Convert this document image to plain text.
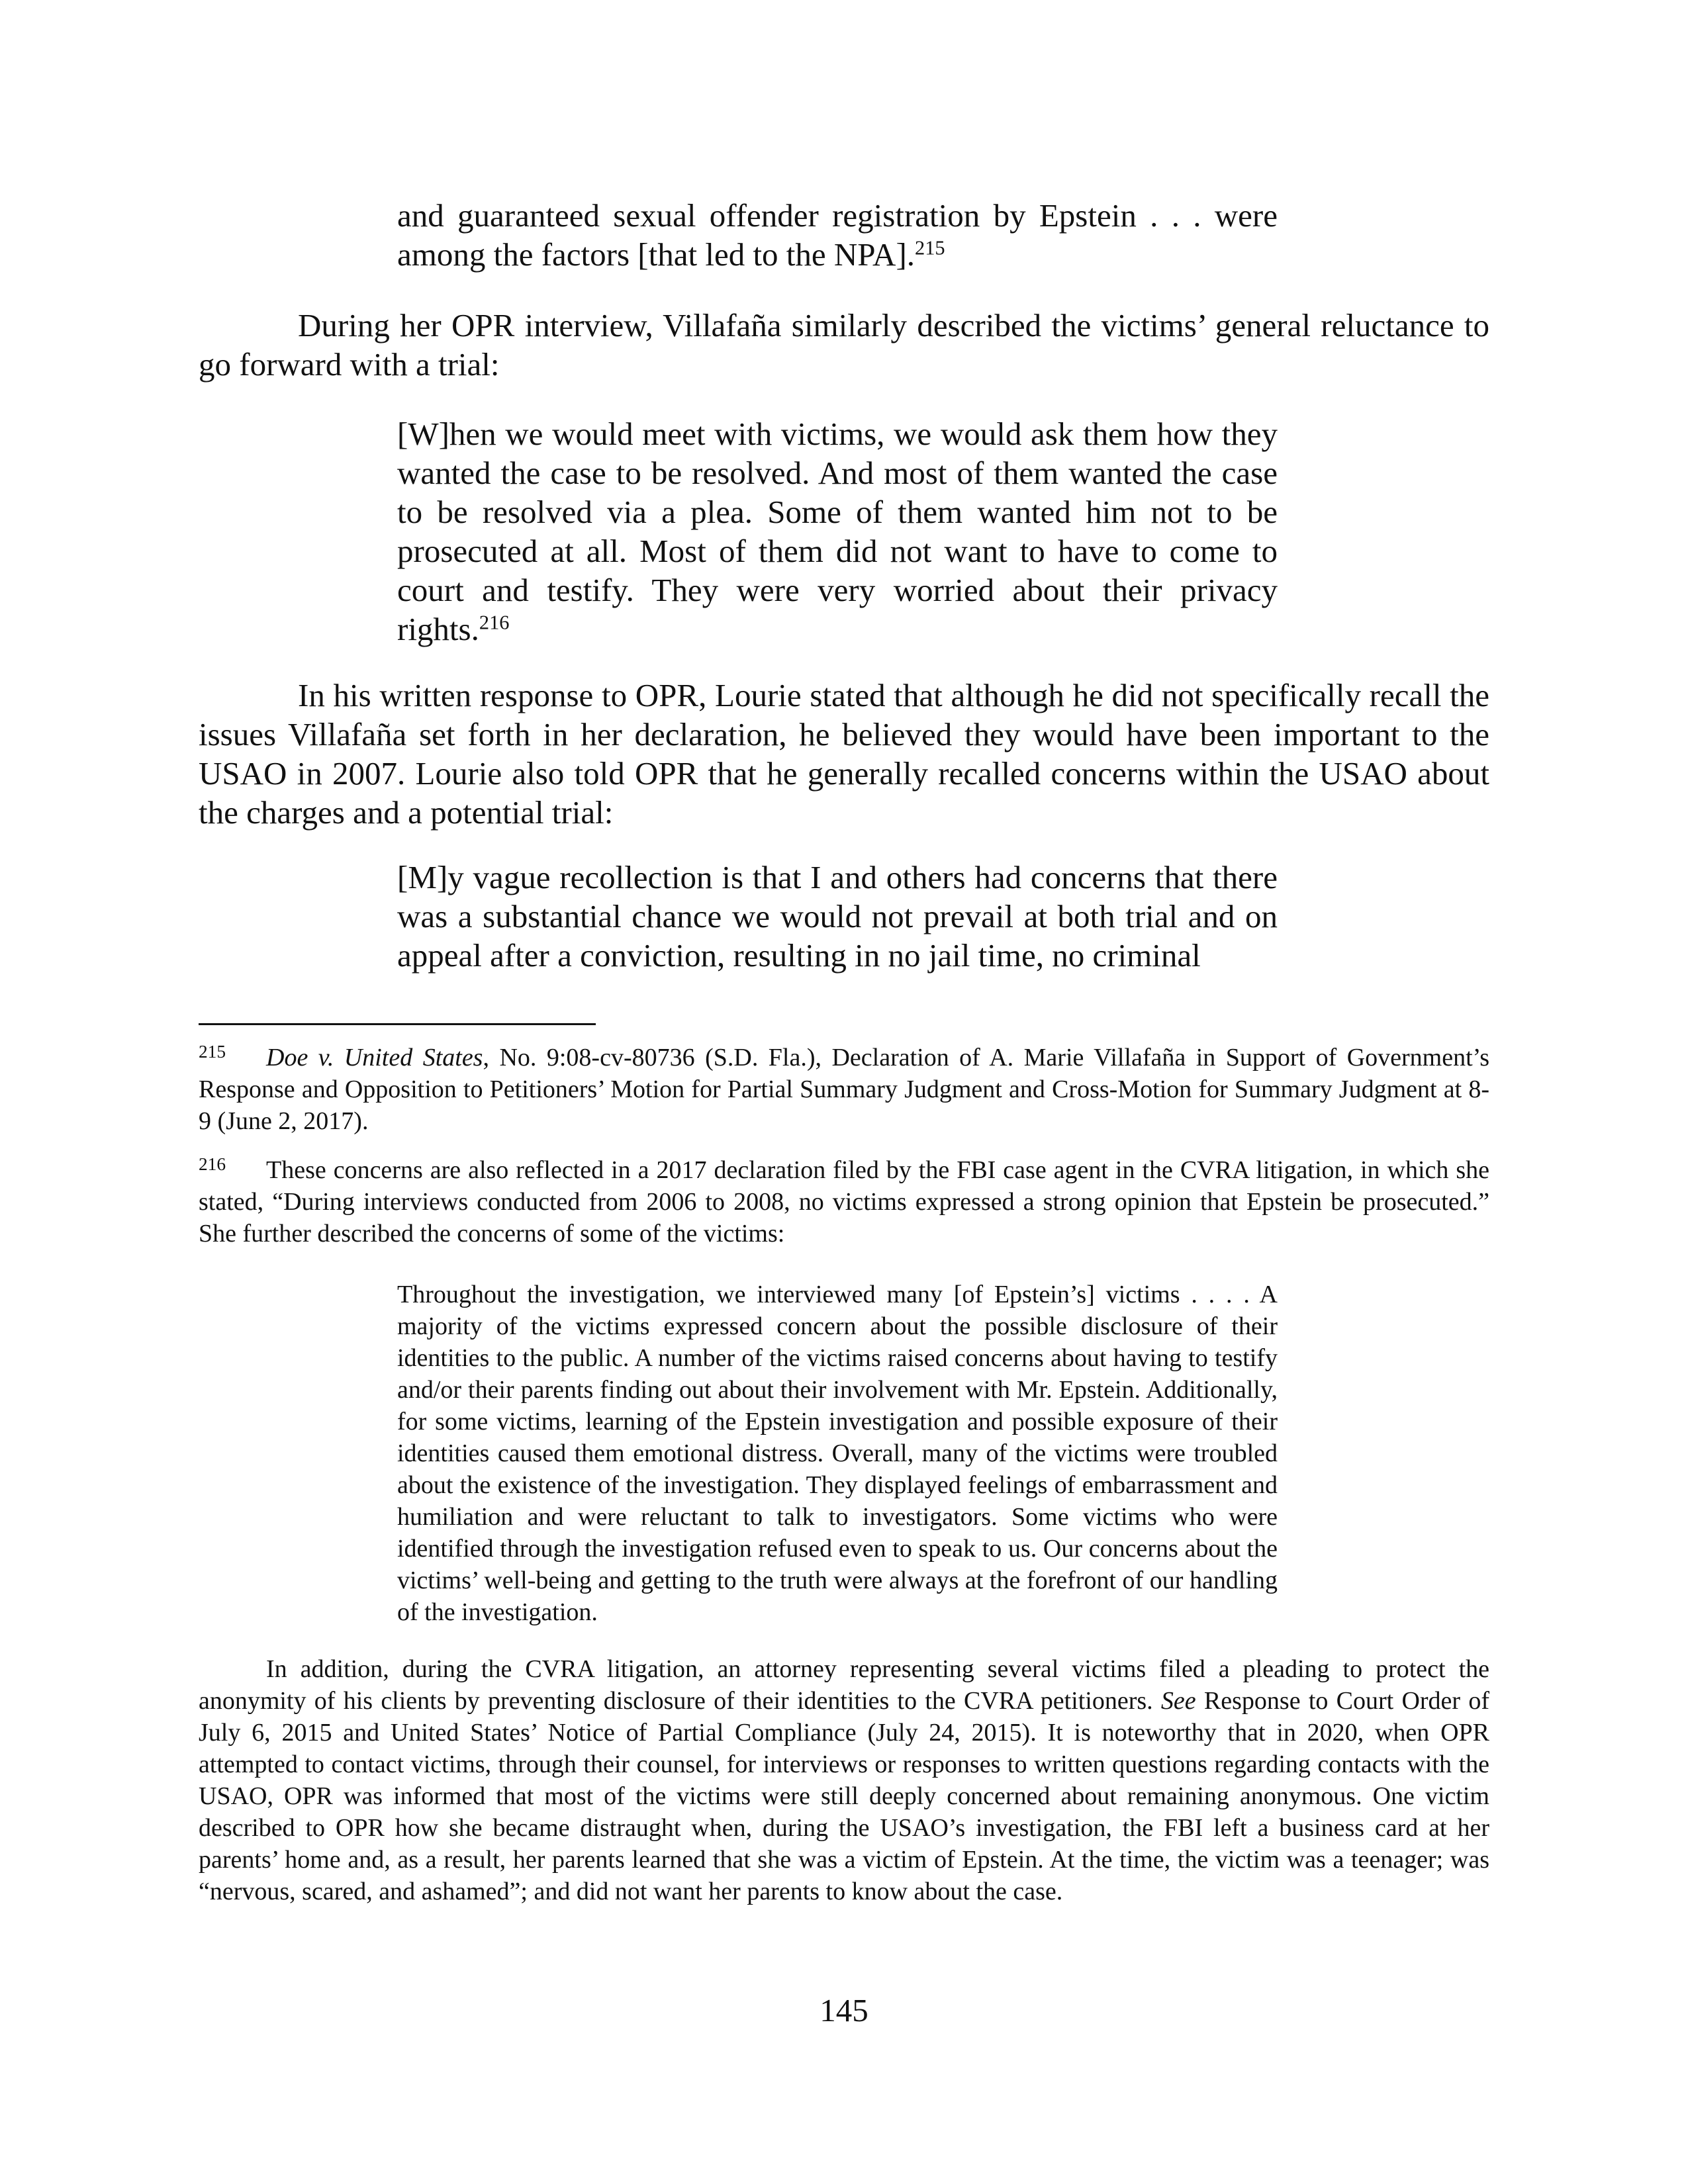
and guaranteed sexual offender registration by Epstein . . . were among the factors [that led to the NPA].$^{215}$

During her OPR interview, Villafaña similarly described the victims’ general reluctance to go forward with a trial:

[W]hen we would meet with victims, we would ask them how they wanted the case to be resolved. And most of them wanted the case to be resolved via a plea. Some of them wanted him not to be prosecuted at all. Most of them did not want to have to come to court and testify. They were very worried about their privacy rights.$^{216}$

In his written response to OPR, Lourie stated that although he did not specifically recall the issues Villafaña set forth in her declaration, he believed they would have been important to the USAO in 2007. Lourie also told OPR that he generally recalled concerns within the USAO about the charges and a potential trial:

[M]y vague recollection is that I and others had concerns that there was a substantial chance we would not prevail at both trial and on appeal after a conviction, resulting in no jail time, no criminal

215 Doe v. United States, No. 9:08-cv-80736 (S.D. Fla.), Declaration of A. Marie Villafaña in Support of Government’s Response and Opposition to Petitioners’ Motion for Partial Summary Judgment and Cross-Motion for Summary Judgment at 8-9 (June 2, 2017).

216 These concerns are also reflected in a 2017 declaration filed by the FBI case agent in the CVRA litigation, in which she stated, “During interviews conducted from 2006 to 2008, no victims expressed a strong opinion that Epstein be prosecuted.” She further described the concerns of some of the victims:

Throughout the investigation, we interviewed many [of Epstein’s] victims . . . . A majority of the victims expressed concern about the possible disclosure of their identities to the public. A number of the victims raised concerns about having to testify and/or their parents finding out about their involvement with Mr. Epstein. Additionally, for some victims, learning of the Epstein investigation and possible exposure of their identities caused them emotional distress. Overall, many of the victims were troubled about the existence of the investigation. They displayed feelings of embarrassment and humiliation and were reluctant to talk to investigators. Some victims who were identified through the investigation refused even to speak to us. Our concerns about the victims’ well-being and getting to the truth were always at the forefront of our handling of the investigation.

In addition, during the CVRA litigation, an attorney representing several victims filed a pleading to protect the anonymity of his clients by preventing disclosure of their identities to the CVRA petitioners. See Response to Court Order of July 6, 2015 and United States’ Notice of Partial Compliance (July 24, 2015). It is noteworthy that in 2020, when OPR attempted to contact victims, through their counsel, for interviews or responses to written questions regarding contacts with the USAO, OPR was informed that most of the victims were still deeply concerned about remaining anonymous. One victim described to OPR how she became distraught when, during the USAO’s investigation, the FBI left a business card at her parents’ home and, as a result, her parents learned that she was a victim of Epstein. At the time, the victim was a teenager; was “nervous, scared, and ashamed”; and did not want her parents to know about the case.

145
